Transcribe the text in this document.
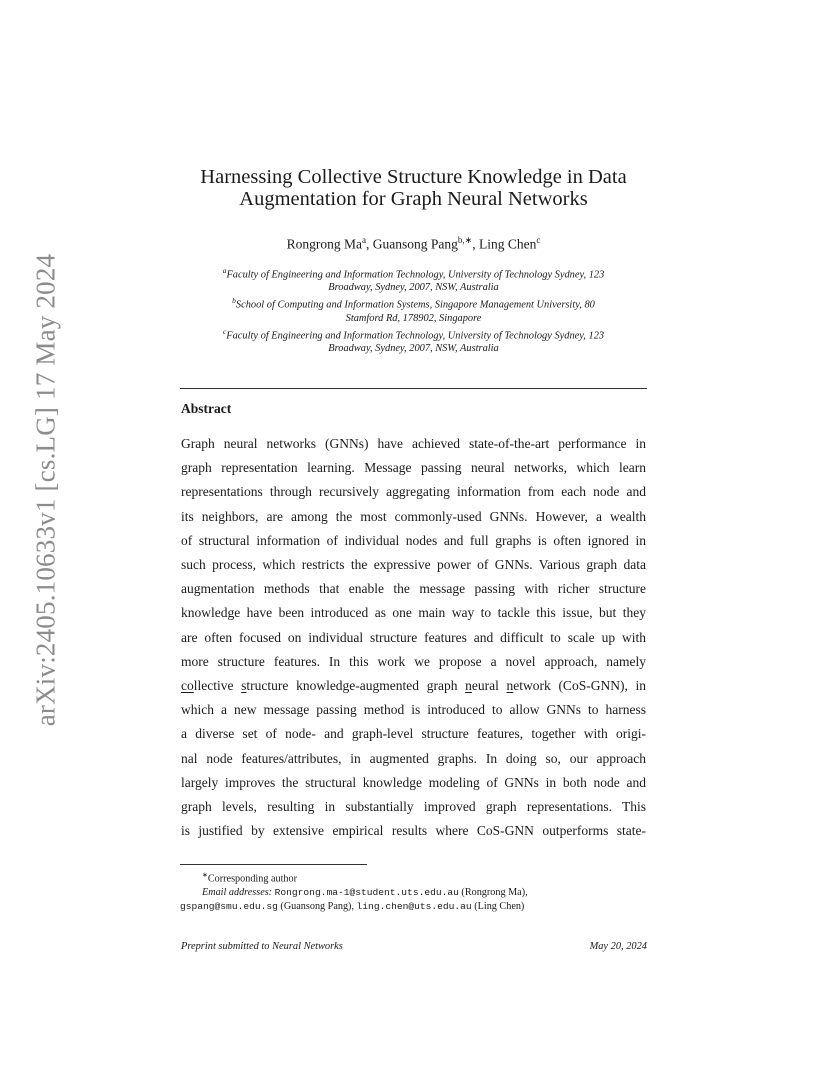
arXiv:2405.10633v1 [cs.LG] 17 May 2024
Harnessing Collective Structure Knowledge in Data
Augmentation for Graph Neural Networks
Rongrong Ma$^a$, Guansong Pang$^{b,∗}$, Ling Chen$^c$
$^a$Faculty of Engineering and Information Technology, University of Technology Sydney, 123
Broadway, Sydney, 2007, NSW, Australia
$^b$School of Computing and Information Systems, Singapore Management University, 80
Stamford Rd, 178902, Singapore
$^c$Faculty of Engineering and Information Technology, University of Technology Sydney, 123
Broadway, Sydney, 2007, NSW, Australia
Abstract
Graph neural networks (GNNs) have achieved state-of-the-art performance in
graph representation learning. Message passing neural networks, which learn
representations through recursively aggregating information from each node and
its neighbors, are among the most commonly-used GNNs. However, a wealth
of structural information of individual nodes and full graphs is often ignored in
such process, which restricts the expressive power of GNNs. Various graph data
augmentation methods that enable the message passing with richer structure
knowledge have been introduced as one main way to tackle this issue, but they
are often focused on individual structure features and difficult to scale up with
more structure features. In this work we propose a novel approach, namely
collective structure knowledge-augmented graph neural network (CoS-GNN), in
which a new message passing method is introduced to allow GNNs to harness
a diverse set of node- and graph-level structure features, together with origi-
nal node features/attributes, in augmented graphs. In doing so, our approach
largely improves the structural knowledge modeling of GNNs in both node and
graph levels, resulting in substantially improved graph representations. This
is justified by extensive empirical results where CoS-GNN outperforms state-
∗Corresponding author
Email addresses: Rongrong.ma-1@student.uts.edu.au (Rongrong Ma),
gspang@smu.edu.sg (Guansong Pang), ling.chen@uts.edu.au (Ling Chen)
Preprint submitted to Neural Networks	May 20, 2024
